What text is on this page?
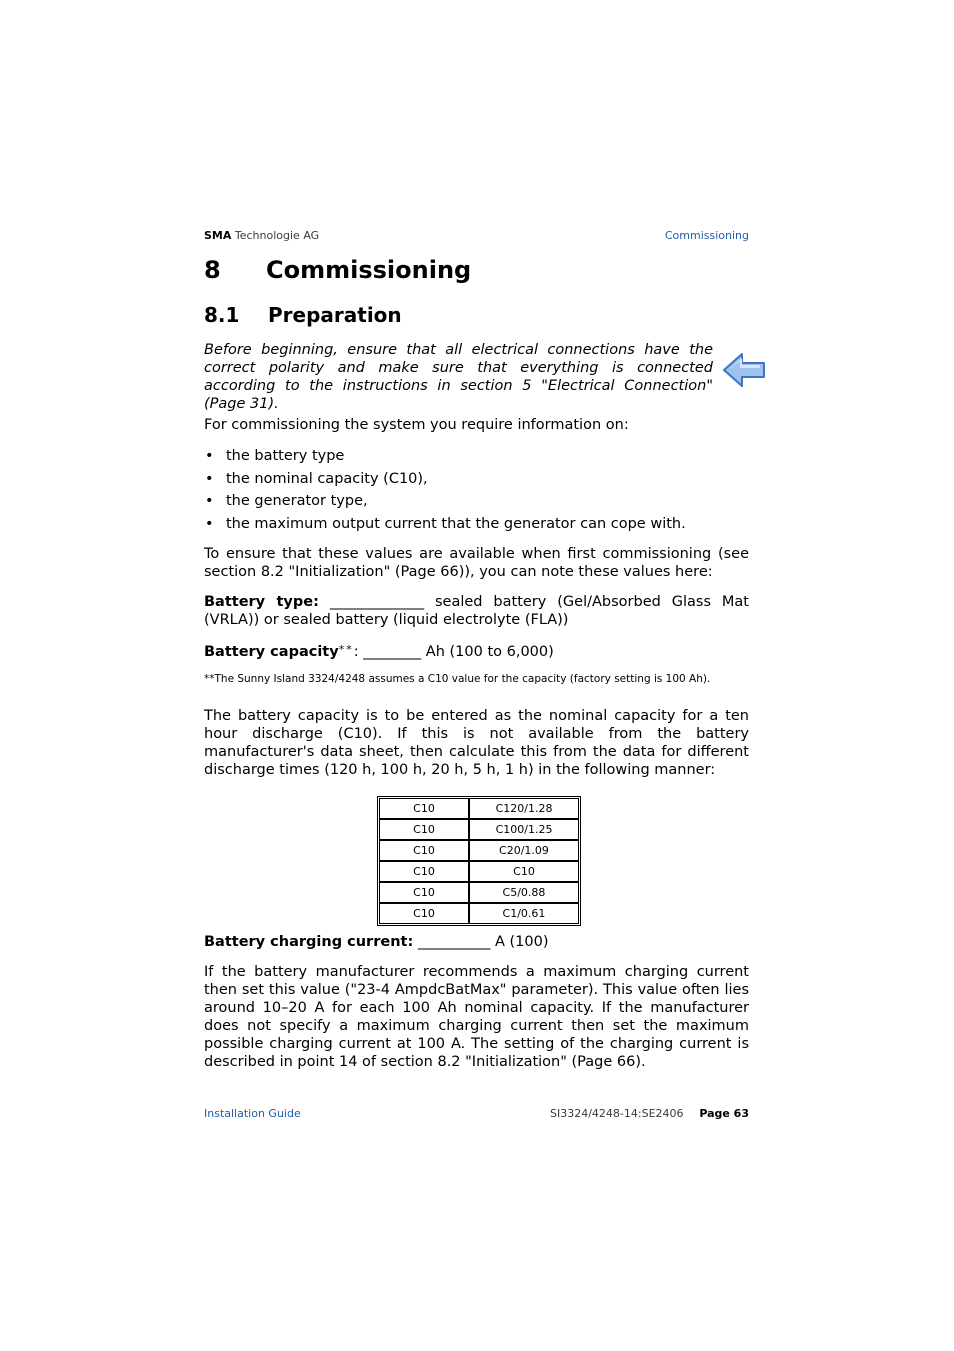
SMA Technologie AG	Commissioning
8 Commissioning
8.1 Preparation

Before beginning, ensure that all electrical connections have the correct polarity and make sure that everything is connected according to the instructions in section 5 "Electrical Connection" (Page 31).

For commissioning the system you require information on:

• the battery type
• the nominal capacity (C10),
• the generator type,
• the maximum output current that the generator can cope with.

To ensure that these values are available when first commissioning (see section 8.2 "Initialization" (Page 66)), you can note these values here:

Battery type: _____________ sealed battery (Gel/Absorbed Glass Mat (VRLA)) or sealed battery (liquid electrolyte (FLA))

Battery capacity**: ________ Ah (100 to 6,000)

**The Sunny Island 3324/4248 assumes a C10 value for the capacity (factory setting is 100 Ah).

The battery capacity is to be entered as the nominal capacity for a ten hour discharge (C10). If this is not available from the battery manufacturer's data sheet, then calculate this from the data for different discharge times (120 h, 100 h, 20 h, 5 h, 1 h) in the following manner:

C10	C120/1.28
C10	C100/1.25
C10	C20/1.09
C10	C10
C10	C5/0.88
C10	C1/0.61

Battery charging current: __________ A (100)

If the battery manufacturer recommends a maximum charging current then set this value ("23-4 AmpdcBatMax" parameter). This value often lies around 10–20 A for each 100 Ah nominal capacity. If the manufacturer does not specify a maximum charging current then set the maximum possible charging current at 100 A. The setting of the charging current is described in point 14 of section 8.2 "Initialization" (Page 66).

Installation Guide	SI3324/4248-14:SE2406 Page 63
